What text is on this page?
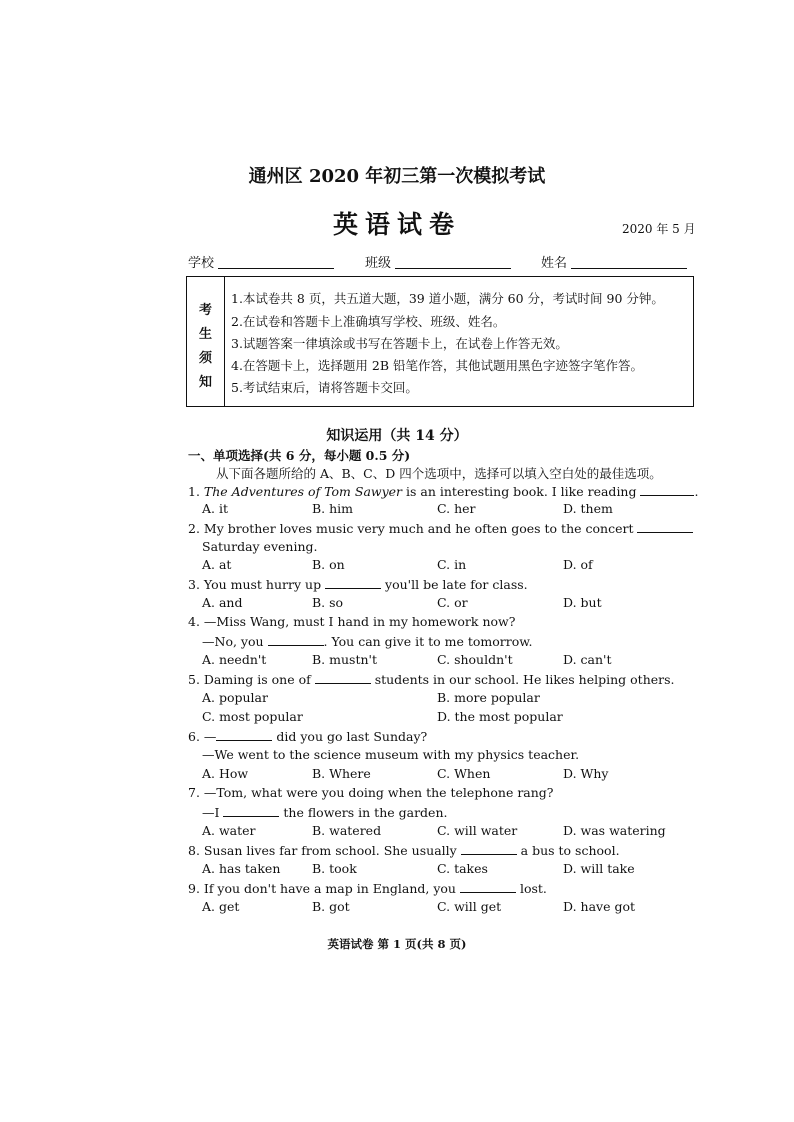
通州区 2020 年初三第一次模拟考试
英语试卷	2020 年 5 月
学校	班级	姓名
考
生
须
知
1.本试卷共 8 页，共五道大题，39 道小题，满分 60 分，考试时间 90 分钟。
2.在试卷和答题卡上准确填写学校、班级、姓名。
3.试题答案一律填涂或书写在答题卡上，在试卷上作答无效。
4.在答题卡上，选择题用 2B 铅笔作答，其他试题用黑色字迹签字笔作答。
5.考试结束后，请将答题卡交回。
知识运用（共 14 分）
一、单项选择(共 6 分，每小题 0.5 分)
从下面各题所给的 A、B、C、D 四个选项中，选择可以填入空白处的最佳选项。
1. The Adventures of Tom Sawyer is an interesting book. I like reading	.
A. it	B. him	C. her	D. them
2. My brother loves music very much and he often goes to the concert
Saturday evening.
A. at	B. on	C. in	D. of
3. You must hurry up	you'll be late for class.
A. and	B. so	C. or	D. but
4. —Miss Wang, must I hand in my homework now?
—No, you	. You can give it to me tomorrow.
A. needn't	B. mustn't	C. shouldn't	D. can't
5. Daming is one of	students in our school. He likes helping others.
A. popular	B. more popular
C. most popular	D. the most popular
6. —	did you go last Sunday?
—We went to the science museum with my physics teacher.
A. How	B. Where	C. When	D. Why
7. —Tom, what were you doing when the telephone rang?
—I	the flowers in the garden.
A. water	B. watered	C. will water	D. was watering
8. Susan lives far from school. She usually	a bus to school.
A. has taken	B. took	C. takes	D. will take
9. If you don't have a map in England, you	lost.
A. get	B. got	C. will get	D. have got
英语试卷 第 1 页(共 8 页)
